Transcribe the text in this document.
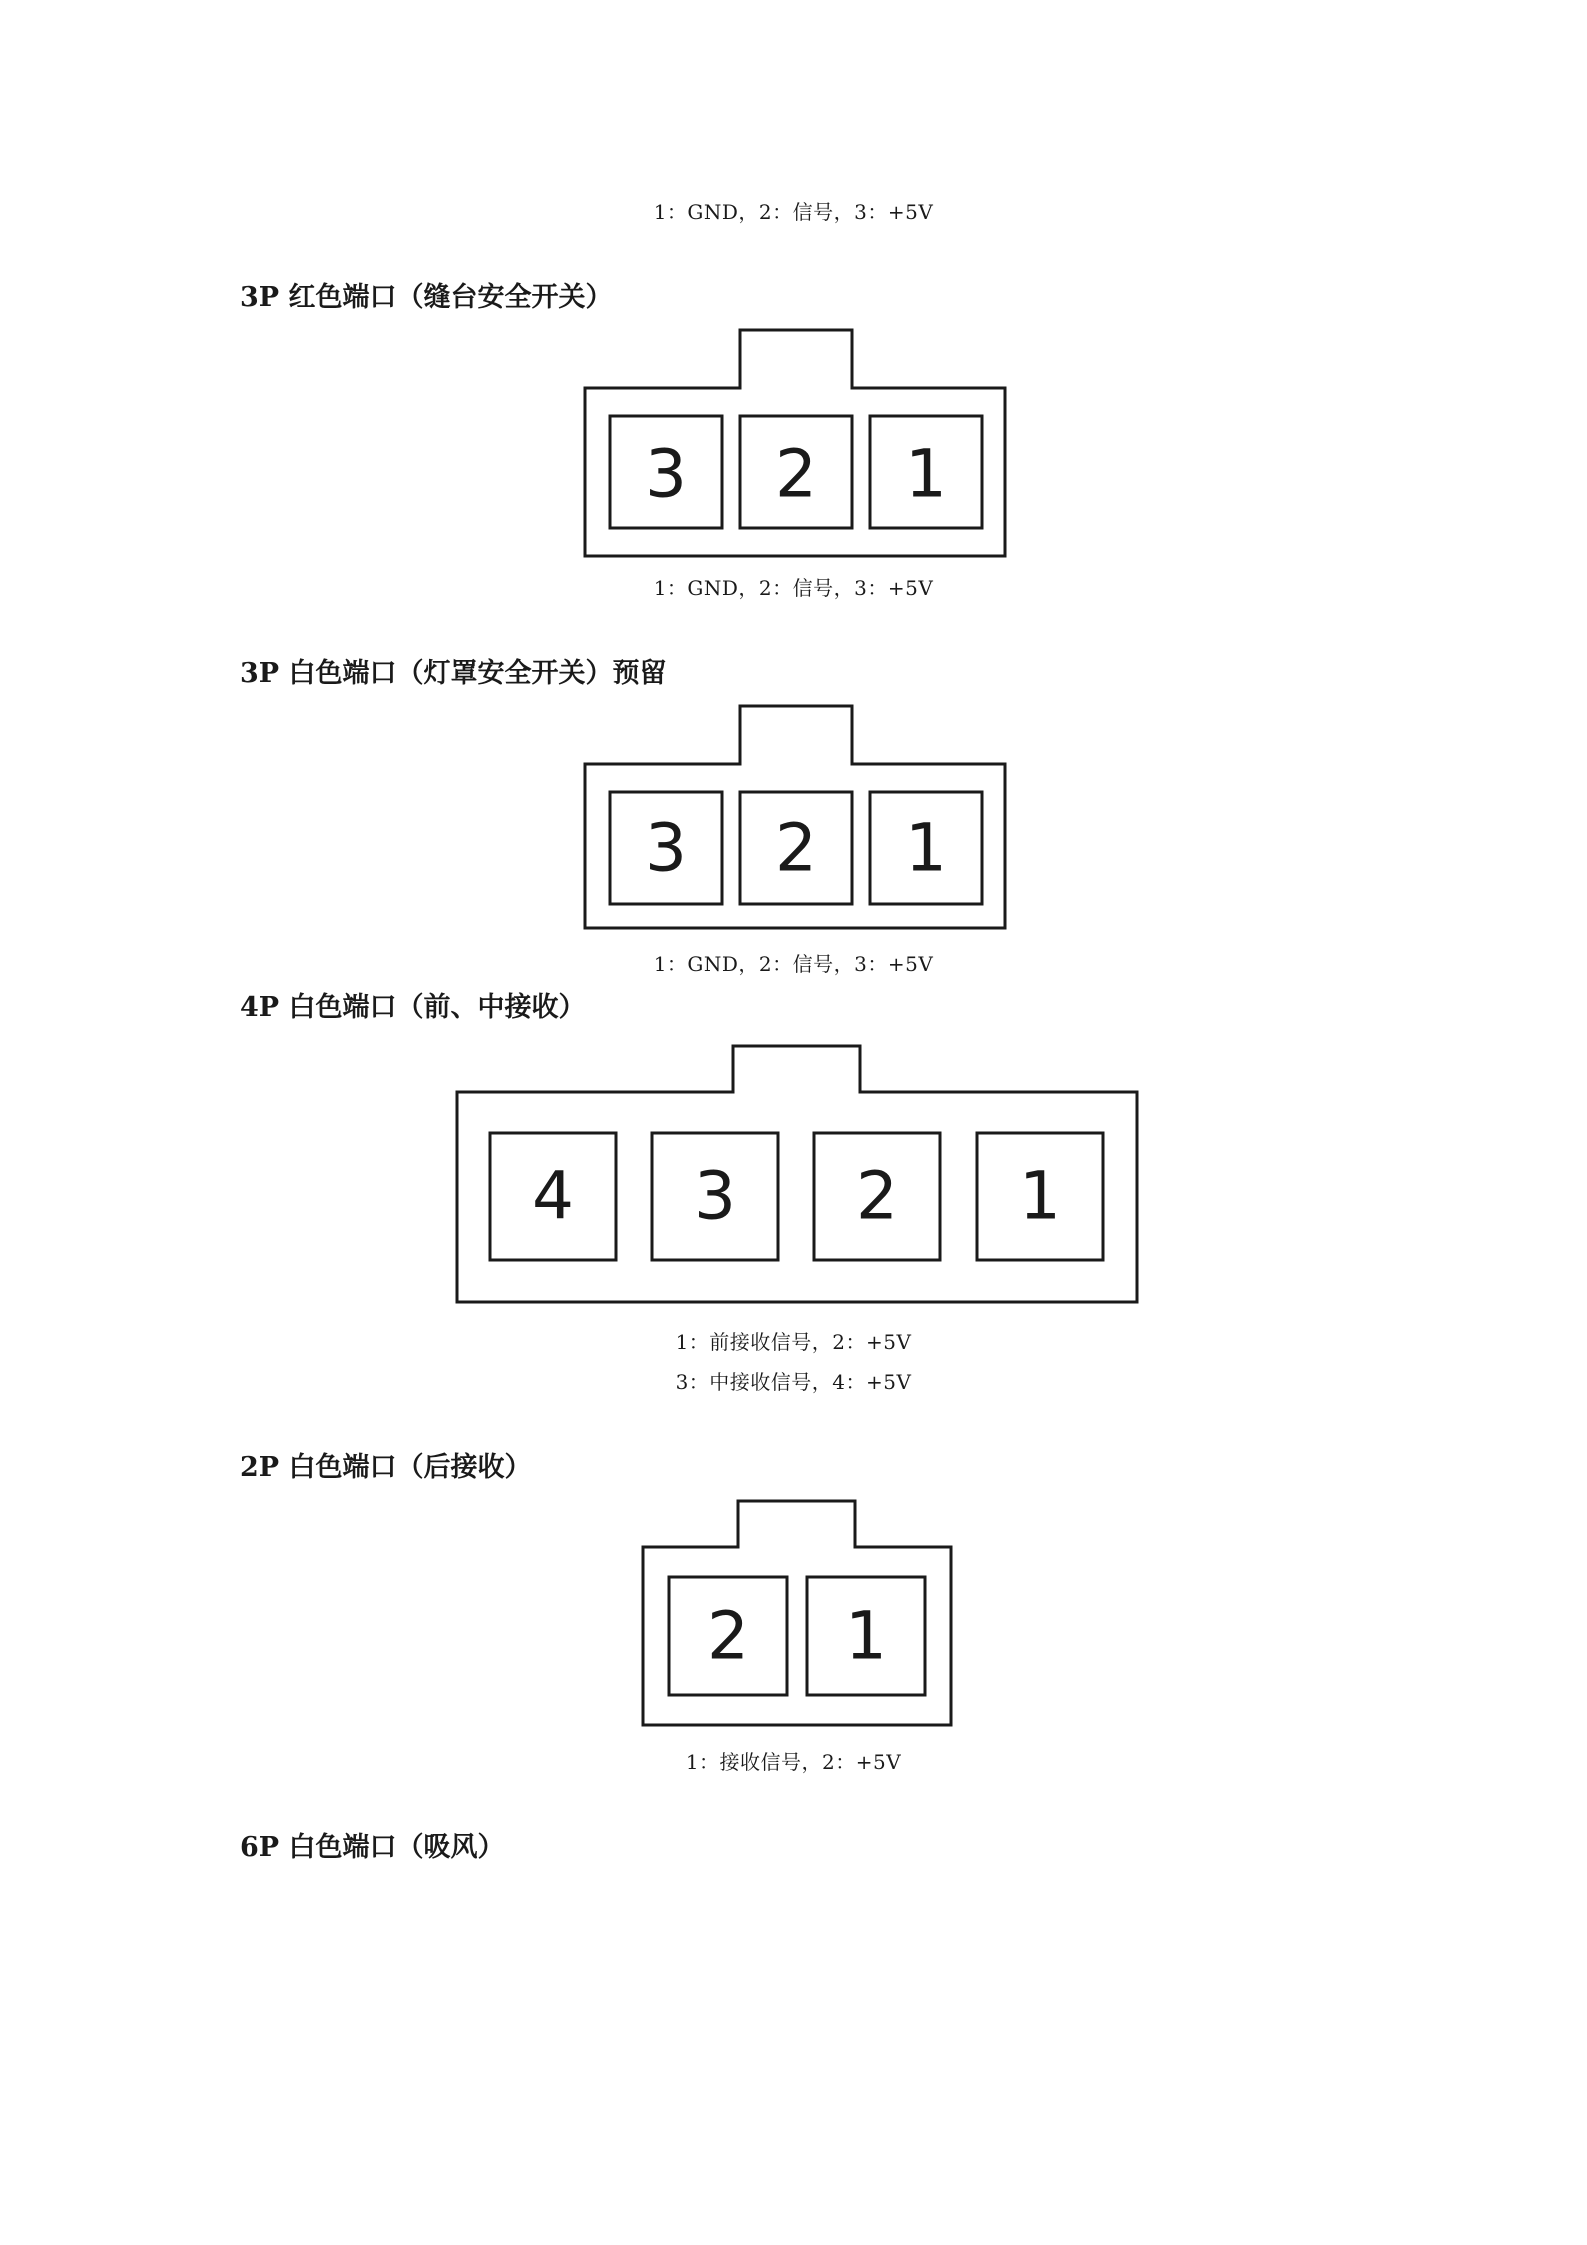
1：GND，2：信号，3：+5V
3P 红色端口（缝台安全开关）
3 2 1
1：GND，2：信号，3：+5V
3P 白色端口（灯罩安全开关）预留
3 2 1
1：GND，2：信号，3：+5V
4P 白色端口（前、中接收）
4 3 2 1
1：前接收信号，2：+5V
3：中接收信号，4：+5V
2P 白色端口（后接收）
2 1
1：接收信号，2：+5V
6P 白色端口（吸风）
